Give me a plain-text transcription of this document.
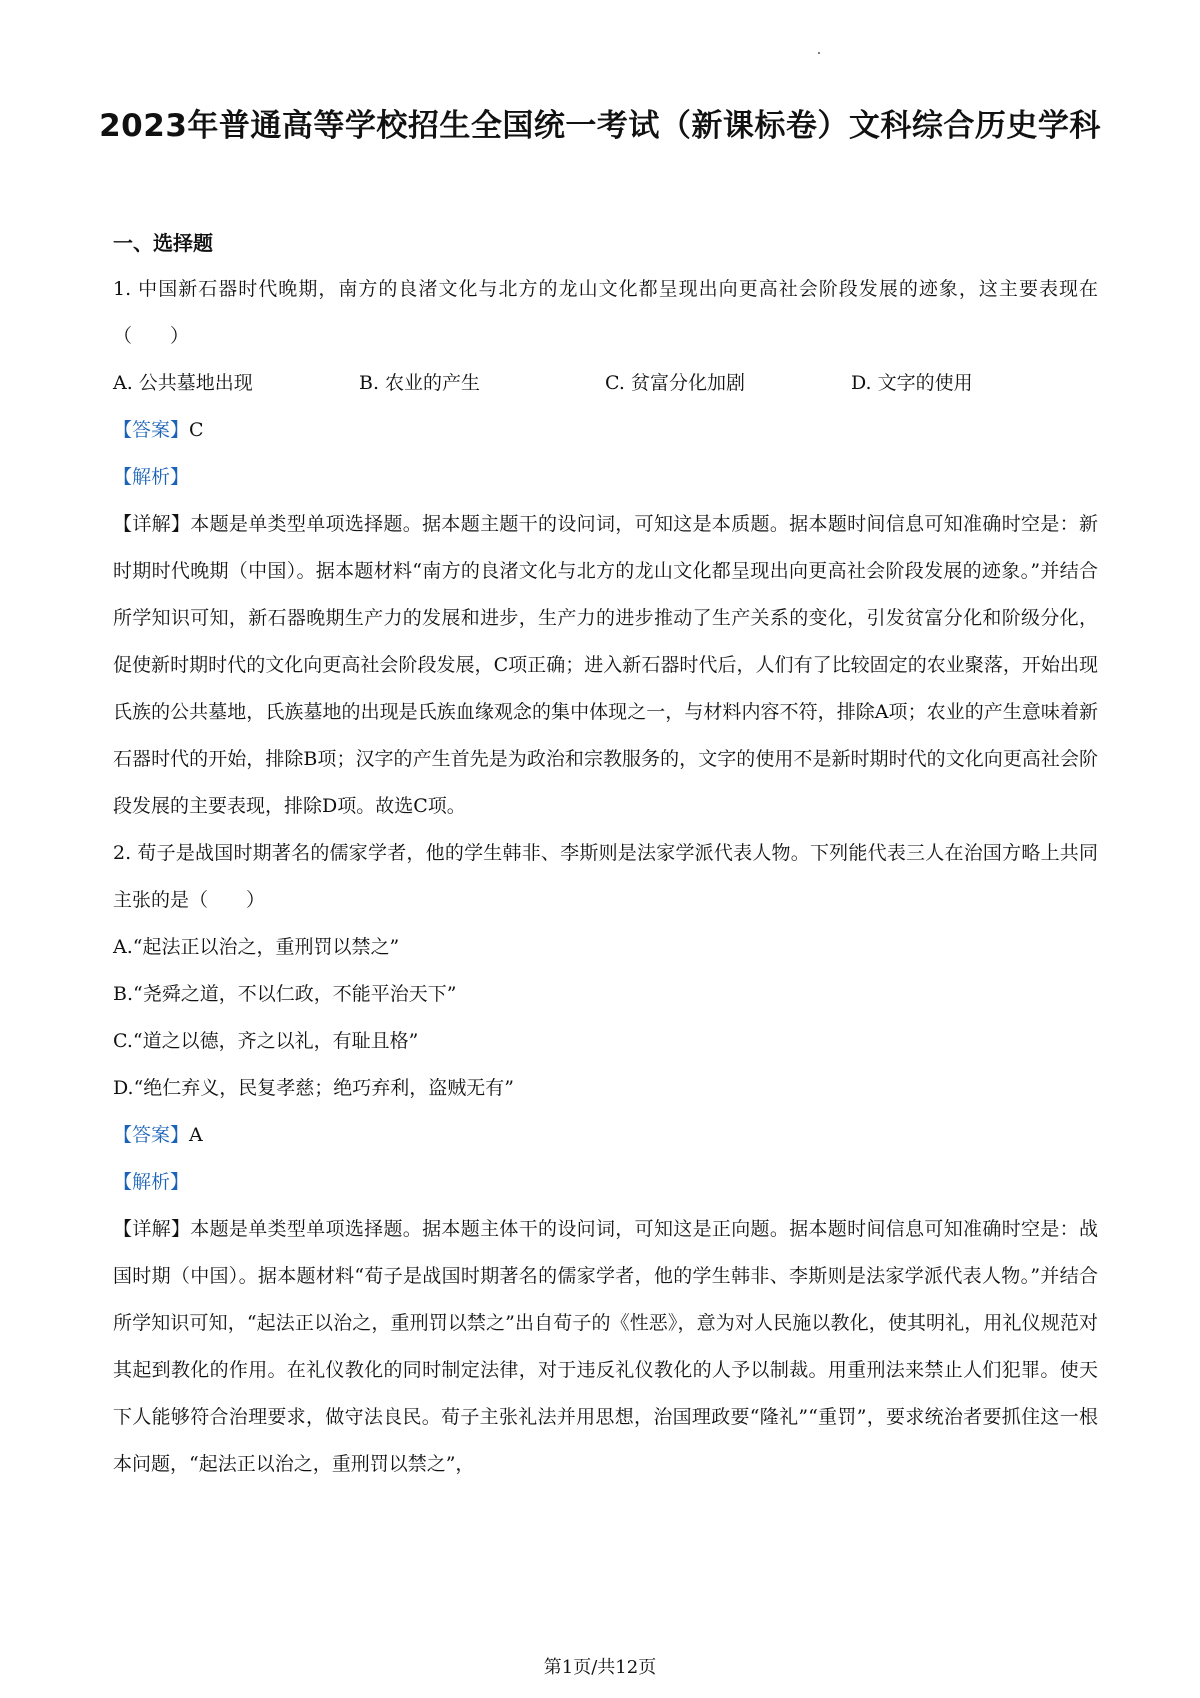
2023年普通高等学校招生全国统一考试（新课标卷）文科综合历史学科
一、选择题

1. 中国新石器时代晚期，南方的良渚文化与北方的龙山文化都呈现出向更高社会阶段发展的迹象，这主要表现在（　　）

A. 公共墓地出现	B. 农业的产生	C. 贫富分化加剧	D. 文字的使用

【答案】C

【解析】

【详解】本题是单类型单项选择题。据本题主题干的设问词，可知这是本质题。据本题时间信息可知准确时空是：新时期时代晚期（中国）。据本题材料“南方的良渚文化与北方的龙山文化都呈现出向更高社会阶段发展的迹象。”并结合所学知识可知，新石器晚期生产力的发展和进步，生产力的进步推动了生产关系的变化，引发贫富分化和阶级分化，促使新时期时代的文化向更高社会阶段发展，C项正确；进入新石器时代后，人们有了比较固定的农业聚落，开始出现氏族的公共墓地，氏族墓地的出现是氏族血缘观念的集中体现之一，与材料内容不符，排除A项；农业的产生意味着新石器时代的开始，排除B项；汉字的产生首先是为政治和宗教服务的，文字的使用不是新时期时代的文化向更高社会阶段发展的主要表现，排除D项。故选C项。

2. 荀子是战国时期著名的儒家学者，他的学生韩非、李斯则是法家学派代表人物。下列能代表三人在治国方略上共同主张的是（　　）

A.“起法正以治之，重刑罚以禁之”

B.“尧舜之道，不以仁政，不能平治天下”

C.“道之以德，齐之以礼，有耻且格”

D.“绝仁弃义，民复孝慈；绝巧弃利，盗贼无有”

【答案】A

【解析】

【详解】本题是单类型单项选择题。据本题主体干的设问词，可知这是正向题。据本题时间信息可知准确时空是：战国时期（中国）。据本题材料“荀子是战国时期著名的儒家学者，他的学生韩非、李斯则是法家学派代表人物。”并结合所学知识可知，“起法正以治之，重刑罚以禁之”出自荀子的《性恶》，意为对人民施以教化，使其明礼，用礼仪规范对其起到教化的作用。在礼仪教化的同时制定法律，对于违反礼仪教化的人予以制裁。用重刑法来禁止人们犯罪。使天下人能够符合治理要求，做守法良民。荀子主张礼法并用思想，治国理政要“隆礼”“重罚”，要求统治者要抓住这一根本问题，“起法正以治之，重刑罚以禁之”，

第1页/共12页
